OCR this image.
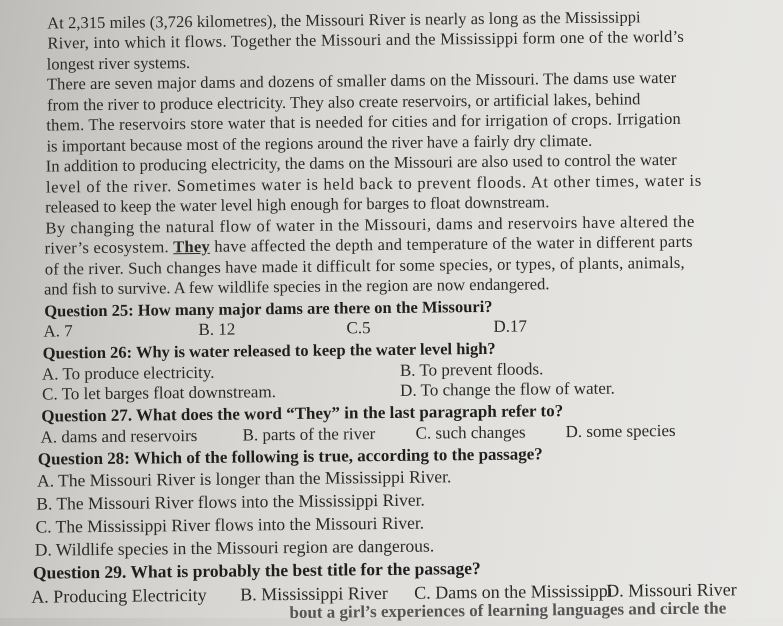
At 2,315 miles (3,726 kilometres), the Missouri River is nearly as long as the Mississippi
River, into which it flows. Together the Missouri and the Mississippi form one of the world’s
longest river systems.
There are seven major dams and dozens of smaller dams on the Missouri. The dams use water
from the river to produce electricity. They also create reservoirs, or artificial lakes, behind
them. The reservoirs store water that is needed for cities and for irrigation of crops. Irrigation
is important because most of the regions around the river have a fairly dry climate.
In addition to producing electricity, the dams on the Missouri are also used to control the water
level of the river. Sometimes water is held back to prevent floods. At other times, water is
released to keep the water level high enough for barges to float downstream.
By changing the natural flow of water in the Missouri, dams and reservoirs have altered the
river’s ecosystem. They have affected the depth and temperature of the water in different parts
of the river. Such changes have made it difficult for some species, or types, of plants, animals,
and fish to survive. A few wildlife species in the region are now endangered.
Question 25: How many major dams are there on the Missouri?
A. 7	B. 12	C.5	D.17
Question 26: Why is water released to keep the water level high?
A. To produce electricity.	B. To prevent floods.
C. To let barges float downstream.	D. To change the flow of water.
Question 27. What does the word “They” in the last paragraph refer to?
A. dams and reservoirs	B. parts of the river C. such changes D. some species
Question 28: Which of the following is true, according to the passage?
A. The Missouri River is longer than the Mississippi River.
B. The Missouri River flows into the Mississippi River.
C. The Mississippi River flows into the Missouri River.
D. Wildlife species in the Missouri region are dangerous.
Question 29. What is probably the best title for the passage?
A. Producing Electricity B. Mississippi River C. Dams on the Mississippi
D. Missouri River
bout a girl’s experiences of learning languages and circle the
